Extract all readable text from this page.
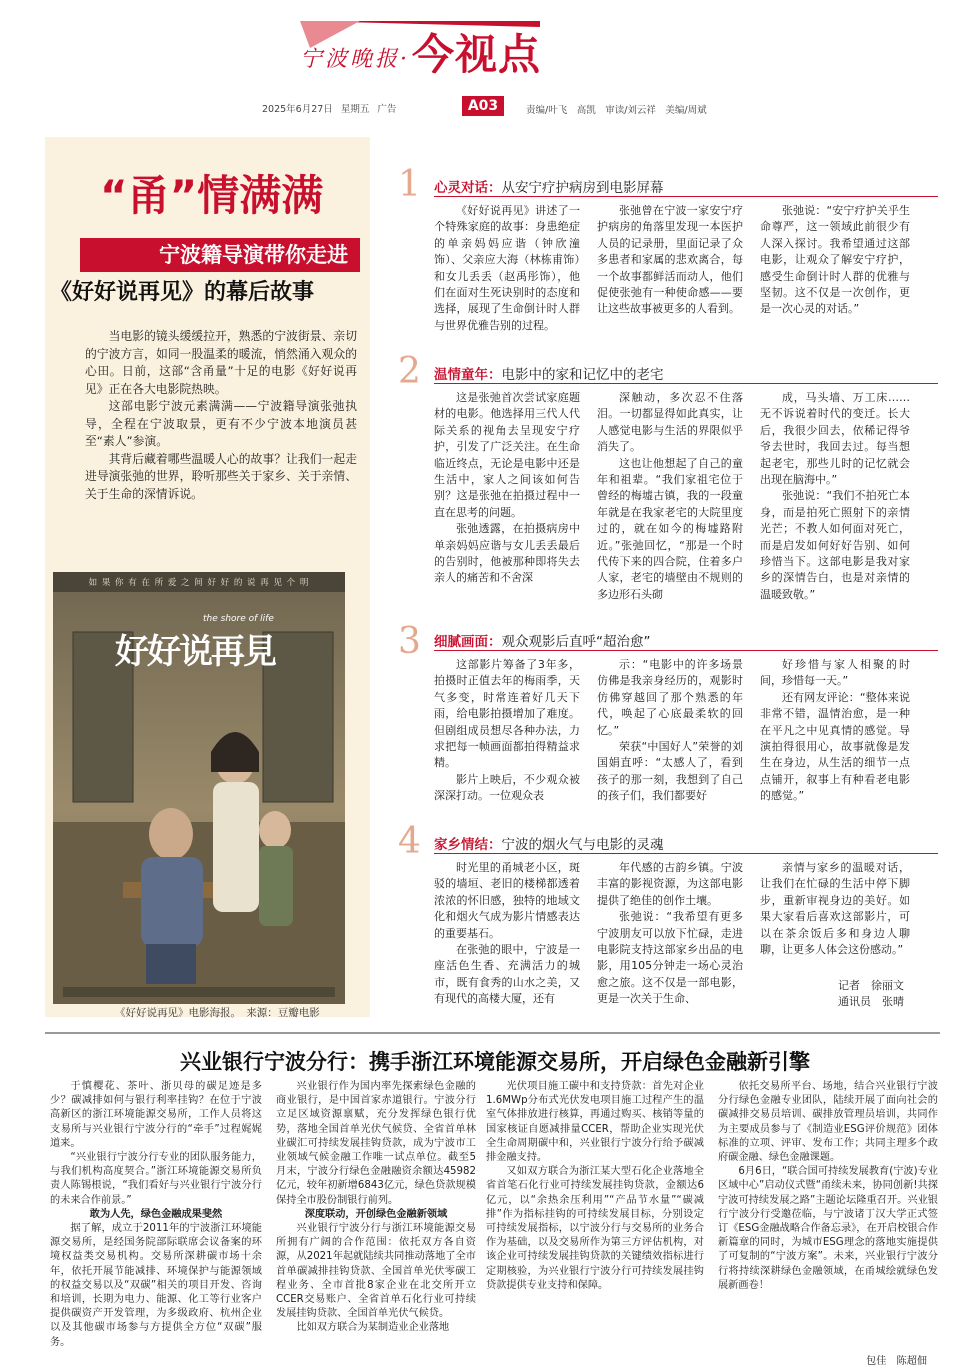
宁波晚报· 今视点
2025年6月27日 星期五 广告	A03	责编/叶飞　高凯　审读/刘云祥　美编/周斌
“甬”情满满
宁波籍导演带你走进
《好好说再见》的幕后故事

当电影的镜头缓缓拉开，熟悉的宁波街景、亲切的宁波方言，如同一股温柔的暖流，悄然涌入观众的心田。日前，这部“含甬量”十足的电影《好好说再见》正在各大电影院热映。

这部电影宁波元素满满——宁波籍导演张弛执导，全程在宁波取景，更有不少宁波本地演员甚至“素人”参演。

其背后藏着哪些温暖人心的故事？让我们一起走进导演张弛的世界，聆听那些关于家乡、关于亲情、关于生命的深情诉说。

如 果 你 有 在 所 爱 之 间 好 好 的 说 再 见 个 明
好好说再見
the shore of life
《好好说再见》电影海报。　来源：豆瓣电影
1 心灵对话：从安宁疗护病房到电影屏幕

《好好说再见》讲述了一个特殊家庭的故事：身患绝症的单亲妈妈应谐（钟欣潼饰）、父亲应大海（林栋甫饰）和女儿丢丢（赵禹彤饰），他们在面对生死诀别时的态度和选择，展现了生命倒计时人群与世界优雅告别的过程。

张弛曾在宁波一家安宁疗护病房的角落里发现一本医护人员的记录册，里面记录了众多患者和家属的悲欢离合，每一个故事都鲜活而动人，他们促使张弛有一种使命感——要让这些故事被更多的人看到。

张弛说：“安宁疗护关乎生命尊严，这一领域此前很少有人深入探讨。我希望通过这部电影，让观众了解安宁疗护，感受生命倒计时人群的优雅与坚韧。这不仅是一次创作，更是一次心灵的对话。”

2 温情童年：电影中的家和记忆中的老宅

这是张弛首次尝试家庭题材的电影。他选择用三代人代际关系的视角去呈现安宁疗护，引发了广泛关注。在生命临近终点，无论是电影中还是生活中，家人之间该如何告别？这是张弛在拍摄过程中一直在思考的问题。

张弛透露，在拍摄病房中单亲妈妈应谐与女儿丢丢最后的告别时，他被那种即将失去亲人的痛苦和不舍深

深触动，多次忍不住落泪。一切都显得如此真实，让人感觉电影与生活的界限似乎消失了。

这也让他想起了自己的童年和祖辈。“我们家祖宅位于曾经的梅墟古镇，我的一段童年就是在我家老宅的大院里度过的，就在如今的梅墟路附近。”张弛回忆，“那是一个时代传下来的四合院，住着多户人家，老宅的墙壁由不规则的多边形石头砌

成，马头墙、万工床……无不诉说着时代的变迁。长大后，我很少回去，依稀记得爷爷去世时，我回去过。每当想起老宅，那些儿时的记忆就会出现在脑海中。”

张弛说：“我们不拍死亡本身，而是拍死亡照射下的亲情光芒；不教人如何面对死亡，而是启发如何好好告别、如何珍惜当下。这部电影是我对家乡的深情告白，也是对亲情的温暖致敬。”

3 细腻画面：观众观影后直呼“超治愈”

这部影片筹备了3年多，拍摄时正值去年的梅雨季，天气多变，时常连着好几天下雨，给电影拍摄增加了难度。但剧组成员想尽各种办法，力求把每一帧画面都拍得精益求精。

影片上映后，不少观众被深深打动。一位观众表

示：“电影中的许多场景仿佛是我亲身经历的，观影时仿佛穿越回了那个熟悉的年代，唤起了心底最柔软的回忆。”

荣获“中国好人”荣誉的刘国娟直呼：“太感人了，看到孩子的那一刻，我想到了自己的孩子们，我们都要好

好珍惜与家人相聚的时间，珍惜每一天。”

还有网友评论：“整体来说非常不错，温情治愈，是一种在平凡之中见真情的感觉。导演拍得很用心，故事就像是发生在身边，从生活的细节一点点铺开，叙事上有种看老电影的感觉。”

4 家乡情结：宁波的烟火气与电影的灵魂

时光里的甬城老小区，斑驳的墙垣、老旧的楼梯都透着浓浓的怀旧感，独特的地域文化和烟火气成为影片情感表达的重要基石。

在张弛的眼中，宁波是一座活色生香、充满活力的城市，既有食秀的山水之美，又有现代的高楼大厦，还有

年代感的古韵乡镇。宁波丰富的影视资源，为这部电影提供了绝佳的创作土壤。

张弛说：“我希望有更多宁波朋友可以放下忙碌，走进电影院支持这部家乡出品的电影，用105分钟走一场心灵治愈之旅。这不仅是一部电影，更是一次关于生命、

亲情与家乡的温暖对话，让我们在忙碌的生活中停下脚步，重新审视身边的美好。如果大家看后喜欢这部影片，可以在茶余饭后多和身边人聊聊，让更多人体会这份感动。”

记者　徐丽文
通讯员　张晴
兴业银行宁波分行：携手浙江环境能源交易所，开启绿色金融新引擎

于慎樱花、茶叶、浙贝母的碳足迹是多少？碳减排如何与银行利率挂钩？在位于宁波高新区的浙江环境能源交易所，工作人员将这支易所与兴业银行宁波分行的“牵手”过程娓娓道来。

“兴业银行宁波分行专业的团队服务能力，与我们机构高度契合。”浙江环境能源交易所负责人陈锡根说，“我们看好与兴业银行宁波分行的未来合作前景。”

敢为人先，绿色金融成果斐然

据了解，成立于2011年的宁波浙江环境能源交易所，是经国务院部际联席会议备案的环境权益类交易机构。交易所深耕碳市场十余年，依托开展节能减排、环境保护与能源领域的权益交易以及“双碳”相关的项目开发、咨询和培训，长期为电力、能源、化工等行业客户提供碳资产开发管理，为多级政府、杭州企业以及其他碳市场参与方提供全方位“双碳”服务。

兴业银行作为国内率先探索绿色金融的商业银行，是中国首家赤道银行。宁波分行立足区域资源禀赋，充分发挥绿色银行优势，落地全国首单光伏气候贷、全省首单林业碳汇可持续发展挂钩贷款，成为宁波市工业领域气候金融工作唯一试点单位。截至5月末，宁波分行绿色金融融资余额达45982亿元，较年初新增6843亿元，绿色贷款规模保持全市股份制银行前列。

深度联动，开创绿色金融新领域

兴业银行宁波分行与浙江环境能源交易所拥有广阔的合作范围：依托双方各自资源，从2021年起就陆续共同推动落地了全市首单碳减排挂钩贷款、全国首单光伏零碳工程业务、全市首批8家企业在北交所开立CCER交易账户、全省首单石化行业可持续发展挂钩贷款、全国首单光伏气候贷。

比如双方联合为某制造业企业落地

光伏项目施工碳中和支持贷款：首先对企业1.6MWp分布式光伏发电项目施工过程产生的温室气体排放进行核算，再通过购买、核销等量的国家核证自愿减排量CCER，帮助企业实现光伏全生命周期碳中和，兴业银行宁波分行给予碳减排金融支持。

又如双方联合为浙江某大型石化企业落地全省首笔石化行业可持续发展挂钩贷款，金额达6亿元，以“余热余压利用”“产品节水量”“碳减排”作为指标挂钩的可持续发展目标，分别设定可持续发展指标，以宁波分行与交易所的业务合作为基础，以及交易所作为第三方评估机构，对该企业可持续发展挂钩贷款的关键绩效指标进行定期核验，为兴业银行宁波分行可持续发展挂钩贷款提供专业支持和保障。

依托交易所平台、场地，结合兴业银行宁波分行绿色金融专业团队，陆续开展了面向社会的碳减排交易员培训、碳排放管理员培训，共同作为主要成员参与了《制造业ESG评价规范》团体标准的立项、评审、发布工作；共同主理多个政府碳金融、绿色金融课题。

6月6日，“联合国可持续发展教育(宁波)专业区域中心”启动仪式暨“甬续未来，协同创新!共探宁波可持续发展之路”主题论坛隆重召开。兴业银行宁波分行受邀莅临，与宁波诸丁汉大学正式签订《ESG金融战略合作备忘录》，在开启校银合作新篇章的同时，为城市ESG理念的落地实施提供了可复制的“宁波方案”。未来，兴业银行宁波分行将持续深耕绿色金融领域，在甬城绘就绿色发展新画卷！

包佳　陈超佃
